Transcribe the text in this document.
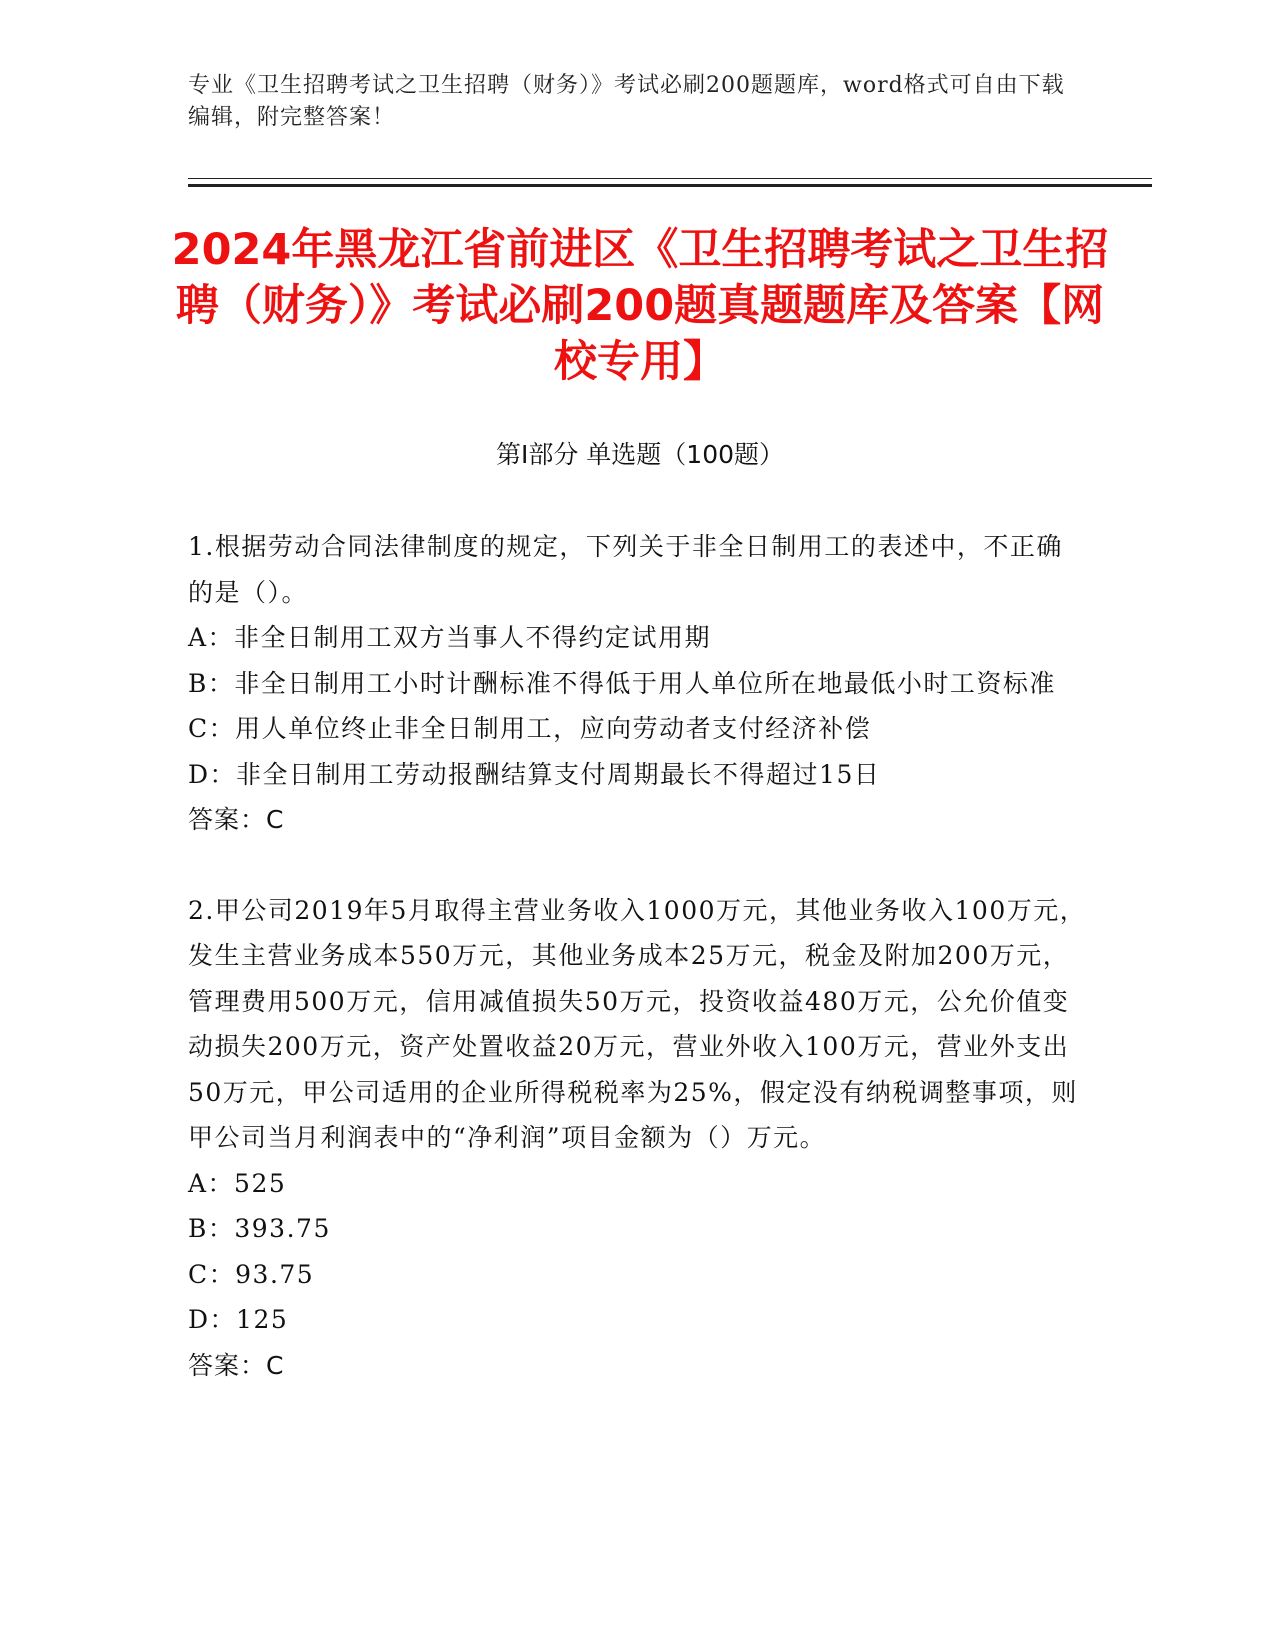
专业《卫生招聘考试之卫生招聘（财务）》考试必刷200题题库，word格式可自由下载编辑，附完整答案！
2024年黑龙江省前进区《卫生招聘考试之卫生招聘（财务）》考试必刷200题真题题库及答案【网校专用】
第I部分 单选题（100题）

1.根据劳动合同法律制度的规定，下列关于非全日制用工的表述中，不正确的是（）。

A：非全日制用工双方当事人不得约定试用期

B：非全日制用工小时计酬标准不得低于用人单位所在地最低小时工资标准

C：用人单位终止非全日制用工，应向劳动者支付经济补偿

D：非全日制用工劳动报酬结算支付周期最长不得超过15日

答案：C

2.甲公司2019年5月取得主营业务收入1000万元，其他业务收入100万元，发生主营业务成本550万元，其他业务成本25万元，税金及附加200万元，管理费用500万元，信用减值损失50万元，投资收益480万元，公允价值变动损失200万元，资产处置收益20万元，营业外收入100万元，营业外支出50万元，甲公司适用的企业所得税税率为25%，假定没有纳税调整事项，则甲公司当月利润表中的“净利润”项目金额为（）万元。

A：525

B：393.75

C：93.75

D：125

答案：C
